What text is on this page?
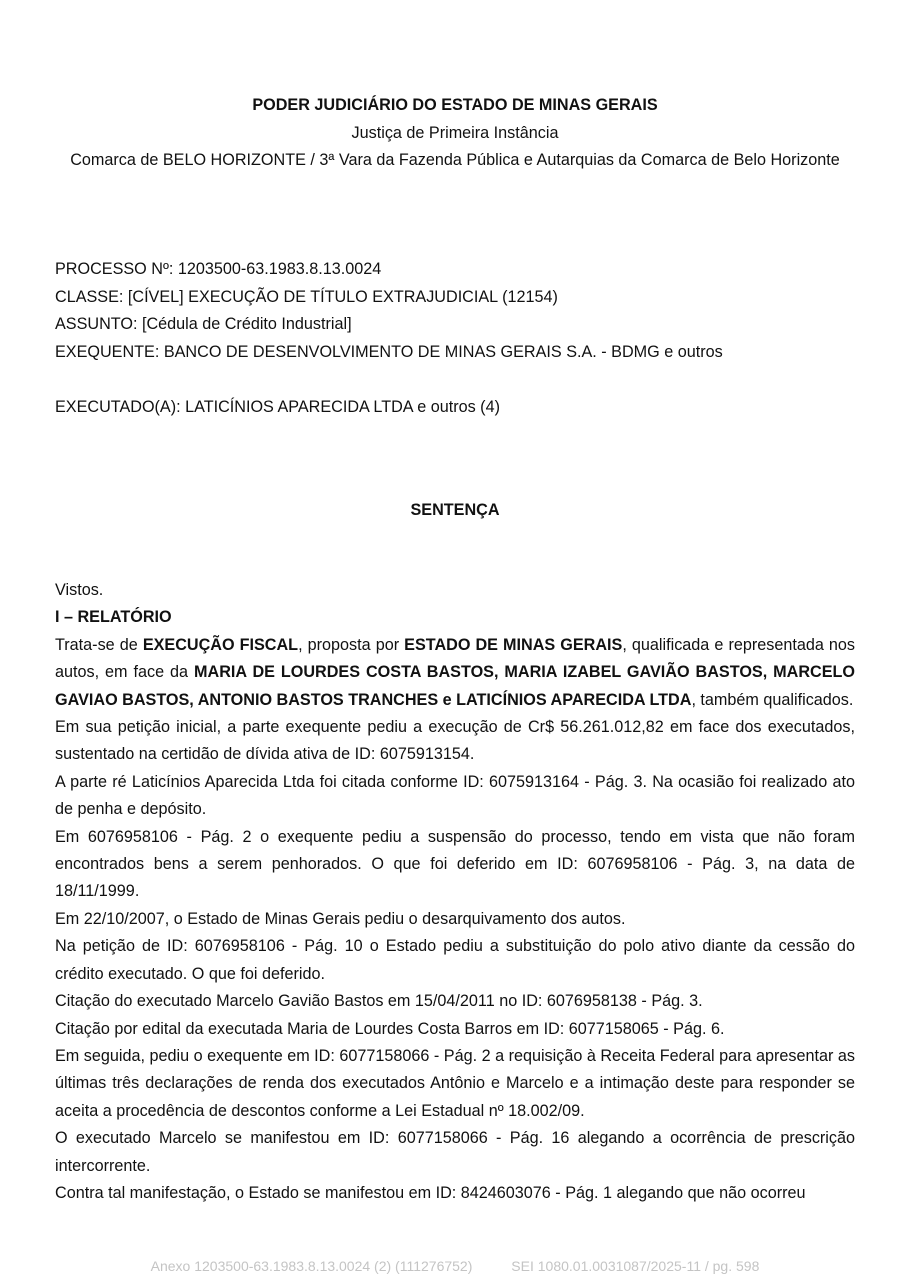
PODER JUDICIÁRIO DO ESTADO DE MINAS GERAIS
Justiça de Primeira Instância
Comarca de BELO HORIZONTE / 3ª Vara da Fazenda Pública e Autarquias da Comarca de Belo Horizonte
PROCESSO Nº: 1203500-63.1983.8.13.0024
CLASSE: [CÍVEL] EXECUÇÃO DE TÍTULO EXTRAJUDICIAL (12154)
ASSUNTO: [Cédula de Crédito Industrial]
EXEQUENTE: BANCO DE DESENVOLVIMENTO DE MINAS GERAIS S.A. - BDMG e outros
EXECUTADO(A): LATICÍNIOS APARECIDA LTDA e outros (4)
SENTENÇA

Vistos.

I – RELATÓRIO

Trata-se de EXECUÇÃO FISCAL, proposta por ESTADO DE MINAS GERAIS, qualificada e representada nos autos, em face da MARIA DE LOURDES COSTA BASTOS, MARIA IZABEL GAVIÃO BASTOS, MARCELO GAVIAO BASTOS, ANTONIO BASTOS TRANCHES e LATICÍNIOS APARECIDA LTDA, também qualificados.

Em sua petição inicial, a parte exequente pediu a execução de Cr$ 56.261.012,82 em face dos executados, sustentado na certidão de dívida ativa de ID: 6075913154.

A parte ré Laticínios Aparecida Ltda foi citada conforme ID: 6075913164 - Pág. 3. Na ocasião foi realizado ato de penha e depósito.

Em 6076958106 - Pág. 2 o exequente pediu a suspensão do processo, tendo em vista que não foram encontrados bens a serem penhorados. O que foi deferido em ID: 6076958106 - Pág. 3, na data de 18/11/1999.

Em 22/10/2007, o Estado de Minas Gerais pediu o desarquivamento dos autos.

Na petição de ID: 6076958106 - Pág. 10 o Estado pediu a substituição do polo ativo diante da cessão do crédito executado. O que foi deferido.

Citação do executado Marcelo Gavião Bastos em 15/04/2011 no ID: 6076958138 - Pág. 3.

Citação por edital da executada Maria de Lourdes Costa Barros em ID: 6077158065 - Pág. 6.

Em seguida, pediu o exequente em ID: 6077158066 - Pág. 2 a requisição à Receita Federal para apresentar as últimas três declarações de renda dos executados Antônio e Marcelo e a intimação deste para responder se aceita a procedência de descontos conforme a Lei Estadual nº 18.002/09.

O executado Marcelo se manifestou em ID: 6077158066 - Pág. 16 alegando a ocorrência de prescrição intercorrente.

Contra tal manifestação, o Estado se manifestou em ID: 8424603076 - Pág. 1 alegando que não ocorreu

Anexo 1203500-63.1983.8.13.0024 (2) (111276752)	SEI 1080.01.0031087/2025-11 / pg. 598
